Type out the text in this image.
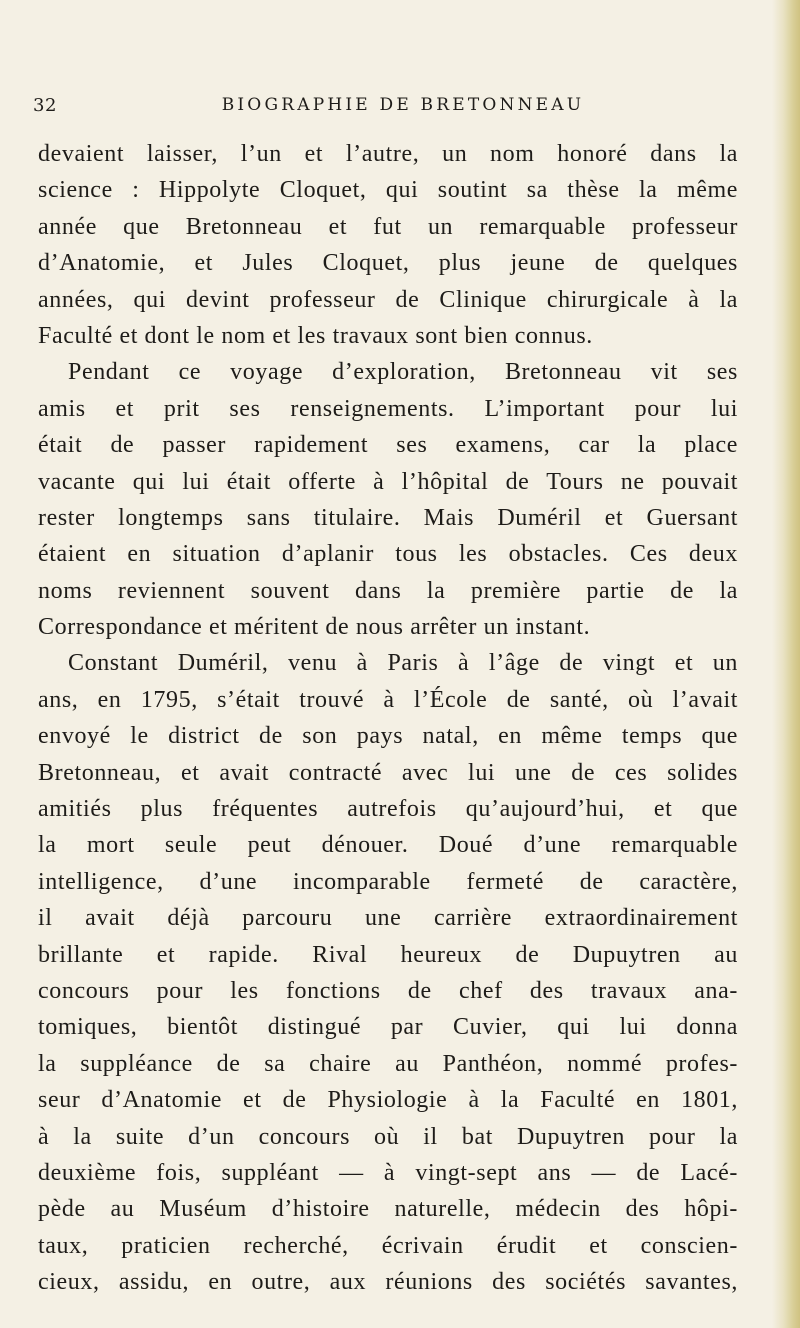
32	BIOGRAPHIE DE BRETONNEAU
devaient laisser, l’un et l’autre, un nom honoré dans la
science : Hippolyte Cloquet, qui soutint sa thèse la même
année que Bretonneau et fut un remarquable professeur
d’Anatomie, et Jules Cloquet, plus jeune de quelques
années, qui devint professeur de Clinique chirurgicale à la
Faculté et dont le nom et les travaux sont bien connus.
Pendant ce voyage d’exploration, Bretonneau vit ses
amis et prit ses renseignements. L’important pour lui
était de passer rapidement ses examens, car la place
vacante qui lui était offerte à l’hôpital de Tours ne pouvait
rester longtemps sans titulaire. Mais Duméril et Guersant
étaient en situation d’aplanir tous les obstacles. Ces deux
noms reviennent souvent dans la première partie de la
Correspondance et méritent de nous arrêter un instant.
Constant Duméril, venu à Paris à l’âge de vingt et un
ans, en 1795, s’était trouvé à l’École de santé, où l’avait
envoyé le district de son pays natal, en même temps que
Bretonneau, et avait contracté avec lui une de ces solides
amitiés plus fréquentes autrefois qu’aujourd’hui, et que
la mort seule peut dénouer. Doué d’une remarquable
intelligence, d’une incomparable fermeté de caractère,
il avait déjà parcouru une carrière extraordinairement
brillante et rapide. Rival heureux de Dupuytren au
concours pour les fonctions de chef des travaux ana-
tomiques, bientôt distingué par Cuvier, qui lui donna
la suppléance de sa chaire au Panthéon, nommé profes-
seur d’Anatomie et de Physiologie à la Faculté en 1801,
à la suite d’un concours où il bat Dupuytren pour la
deuxième fois, suppléant — à vingt-sept ans — de Lacé-
pède au Muséum d’histoire naturelle, médecin des hôpi-
taux, praticien recherché, écrivain érudit et conscien-
cieux, assidu, en outre, aux réunions des sociétés savantes,
